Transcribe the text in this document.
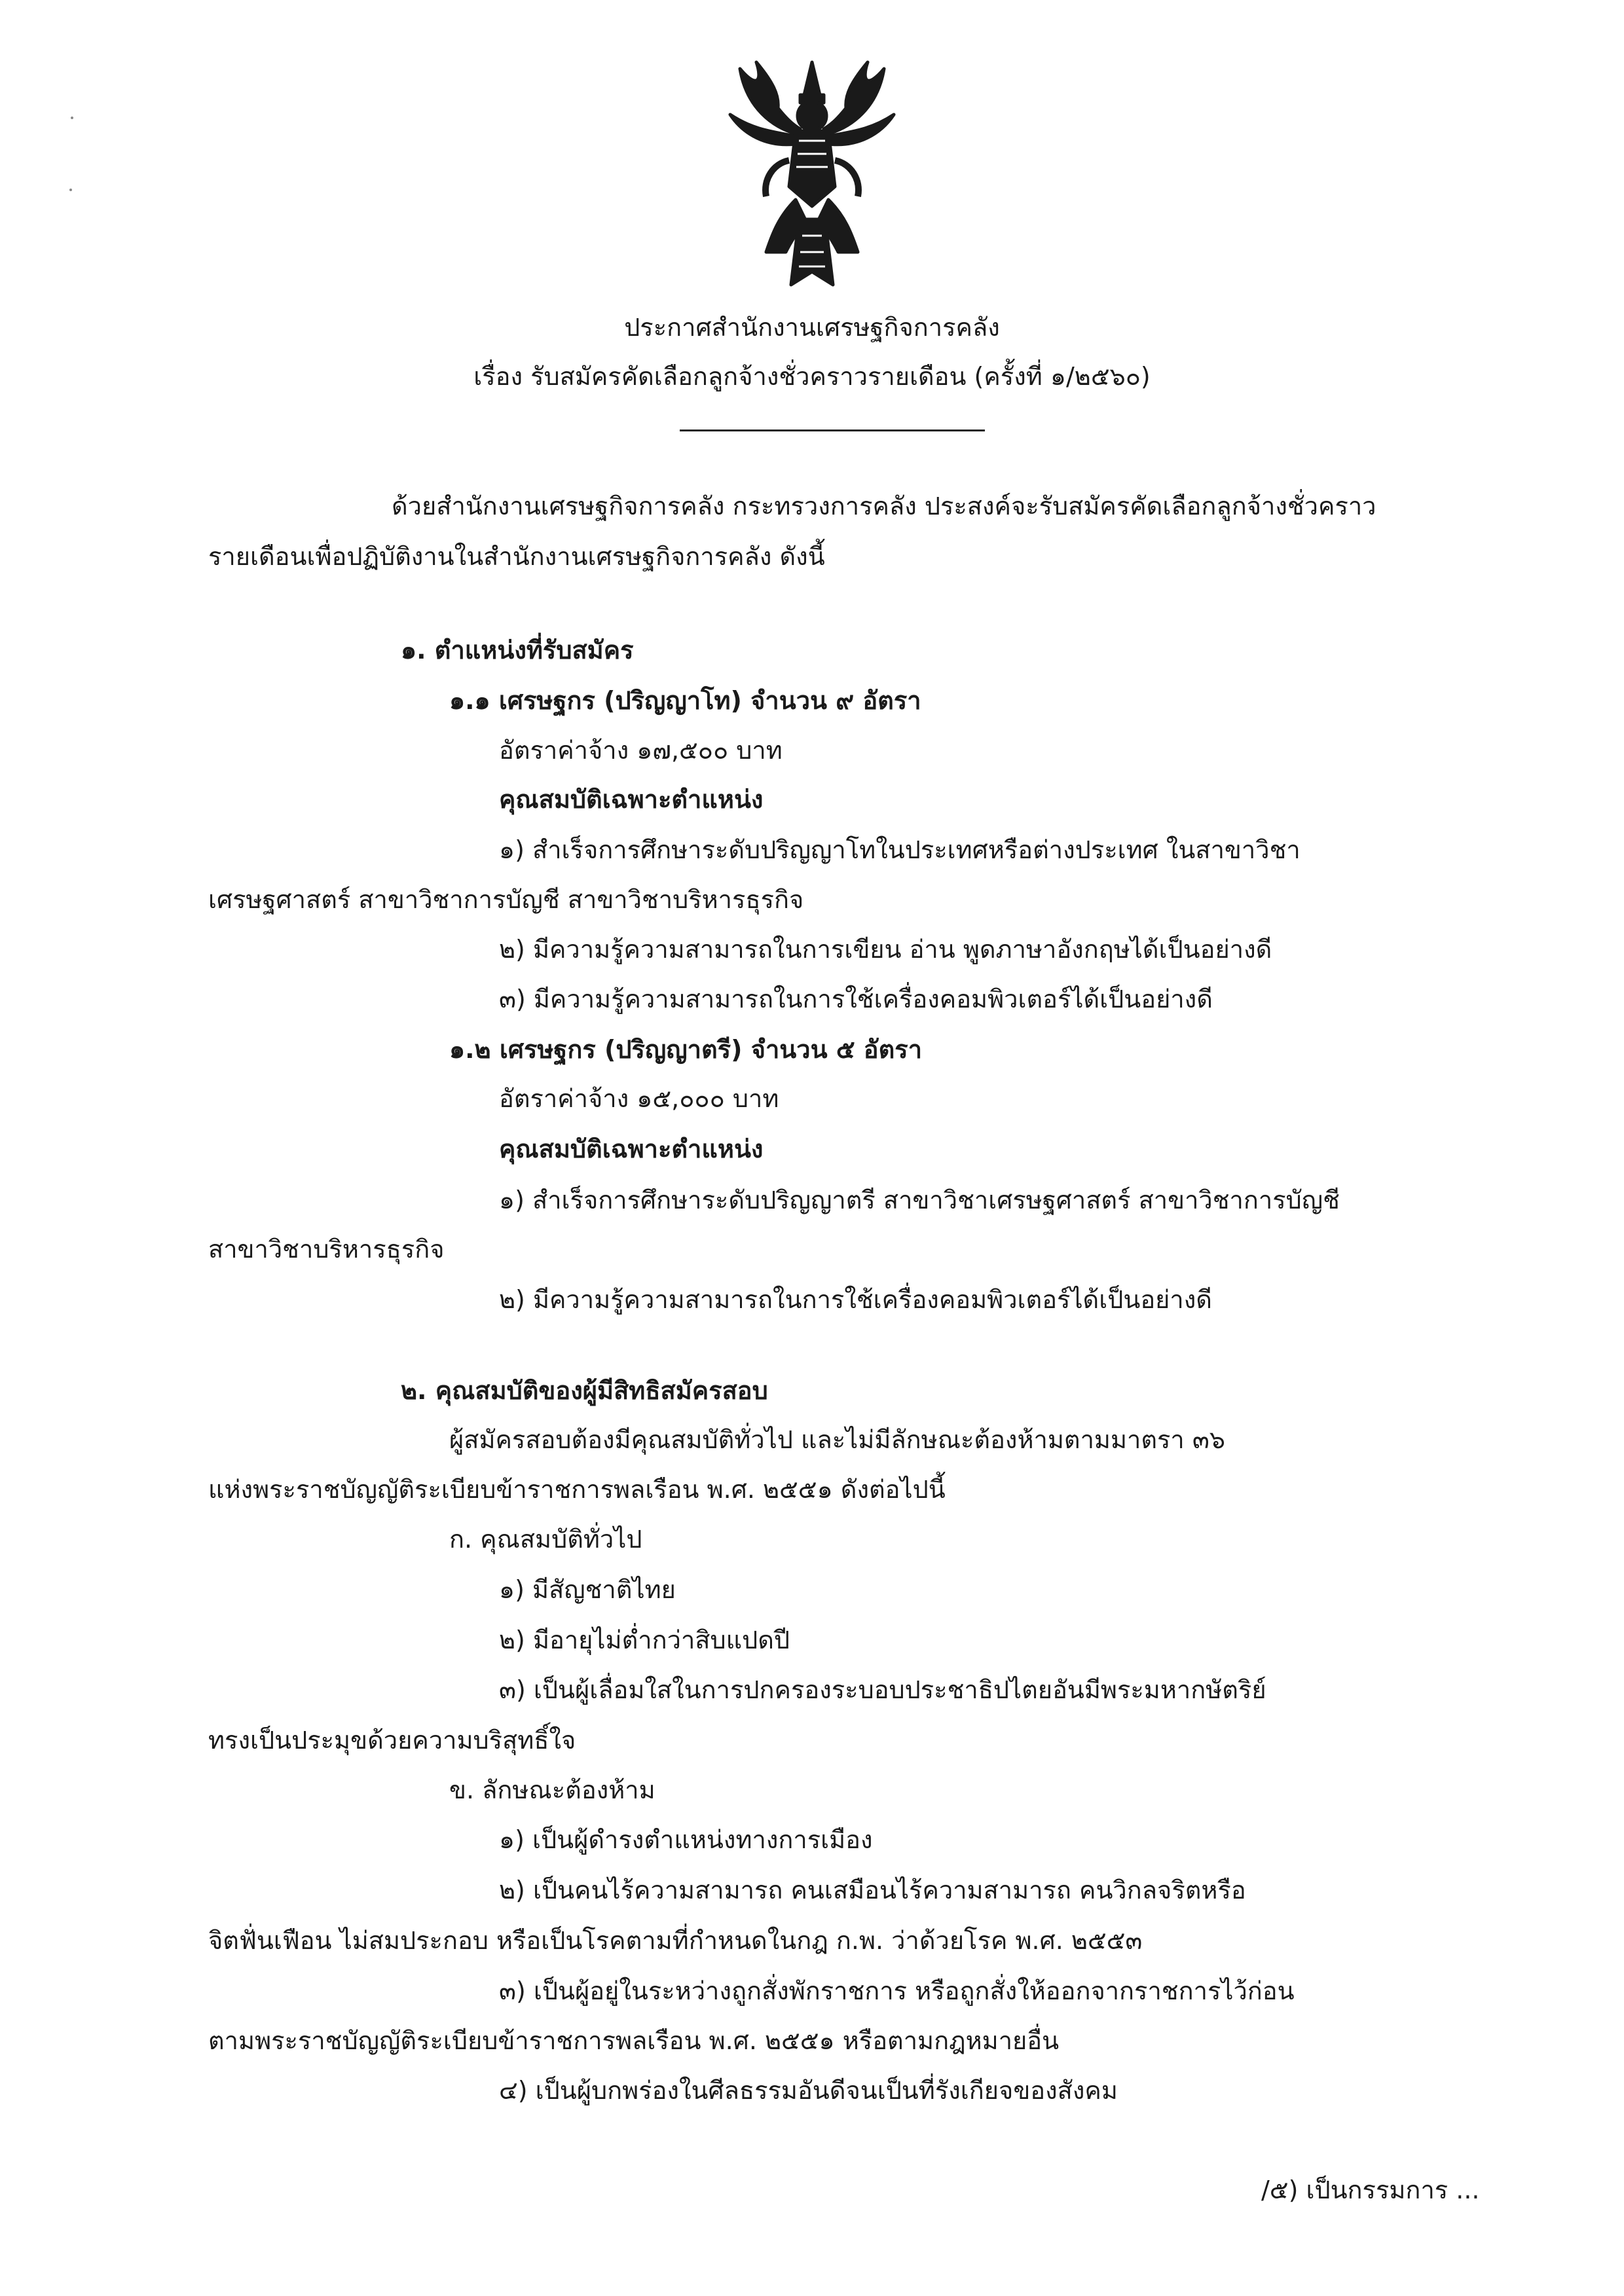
ประกาศสำนักงานเศรษฐกิจการคลัง
เรื่อง รับสมัครคัดเลือกลูกจ้างชั่วคราวรายเดือน (ครั้งที่ ๑/๒๕๖๐)
ด้วยสำนักงานเศรษฐกิจการคลัง กระทรวงการคลัง ประสงค์จะรับสมัครคัดเลือกลูกจ้างชั่วคราว
รายเดือนเพื่อปฏิบัติงานในสำนักงานเศรษฐกิจการคลัง ดังนี้
๑. ตำแหน่งที่รับสมัคร
๑.๑ เศรษฐกร (ปริญญาโท) จำนวน ๙ อัตรา
อัตราค่าจ้าง ๑๗,๕๐๐ บาท
คุณสมบัติเฉพาะตำแหน่ง
๑) สำเร็จการศึกษาระดับปริญญาโทในประเทศหรือต่างประเทศ ในสาขาวิชา
เศรษฐศาสตร์ สาขาวิชาการบัญชี สาขาวิชาบริหารธุรกิจ
๒) มีความรู้ความสามารถในการเขียน อ่าน พูดภาษาอังกฤษได้เป็นอย่างดี
๓) มีความรู้ความสามารถในการใช้เครื่องคอมพิวเตอร์ได้เป็นอย่างดี
๑.๒ เศรษฐกร (ปริญญาตรี) จำนวน ๕ อัตรา
อัตราค่าจ้าง ๑๕,๐๐๐ บาท
คุณสมบัติเฉพาะตำแหน่ง
๑) สำเร็จการศึกษาระดับปริญญาตรี สาขาวิชาเศรษฐศาสตร์ สาขาวิชาการบัญชี
สาขาวิชาบริหารธุรกิจ
๒) มีความรู้ความสามารถในการใช้เครื่องคอมพิวเตอร์ได้เป็นอย่างดี
๒. คุณสมบัติของผู้มีสิทธิสมัครสอบ
ผู้สมัครสอบต้องมีคุณสมบัติทั่วไป และไม่มีลักษณะต้องห้ามตามมาตรา ๓๖
แห่งพระราชบัญญัติระเบียบข้าราชการพลเรือน พ.ศ. ๒๕๕๑ ดังต่อไปนี้
ก. คุณสมบัติทั่วไป
๑) มีสัญชาติไทย
๒) มีอายุไม่ต่ำกว่าสิบแปดปี
๓) เป็นผู้เลื่อมใสในการปกครองระบอบประชาธิปไตยอันมีพระมหากษัตริย์
ทรงเป็นประมุขด้วยความบริสุทธิ์ใจ
ข. ลักษณะต้องห้าม
๑) เป็นผู้ดำรงตำแหน่งทางการเมือง
๒) เป็นคนไร้ความสามารถ คนเสมือนไร้ความสามารถ คนวิกลจริตหรือ
จิตฟั่นเฟือน ไม่สมประกอบ หรือเป็นโรคตามที่กำหนดในกฎ ก.พ. ว่าด้วยโรค พ.ศ. ๒๕๕๓
๓) เป็นผู้อยู่ในระหว่างถูกสั่งพักราชการ หรือถูกสั่งให้ออกจากราชการไว้ก่อน
ตามพระราชบัญญัติระเบียบข้าราชการพลเรือน พ.ศ. ๒๕๕๑ หรือตามกฎหมายอื่น
๔) เป็นผู้บกพร่องในศีลธรรมอันดีจนเป็นที่รังเกียจของสังคม
/๕) เป็นกรรมการ ...
